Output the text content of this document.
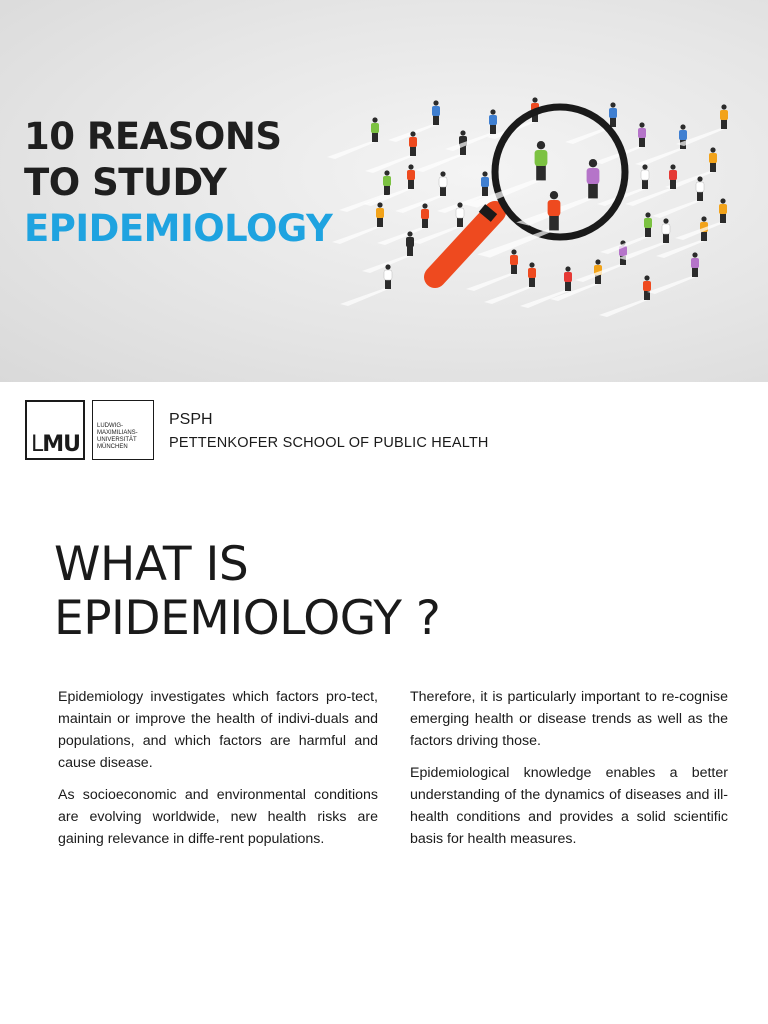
10 REASONS
TO STUDY
EPIDEMIOLOGY
LMU
LUDWIG-
MAXIMILIANS-
UNIVERSITÄT
MÜNCHEN
PSPH
PETTENKOFER SCHOOL OF PUBLIC HEALTH
WHAT IS
EPIDEMIOLOGY ?

Epidemiology investigates which factors pro-tect, maintain or improve the health of indivi-duals and populations, and which factors are harmful and cause disease.

As socioeconomic and environmental conditions are evolving worldwide, new health risks are gaining relevance in diffe-rent populations.

Therefore, it is particularly important to re-cognise emerging health or disease trends as well as the factors driving those.

Epidemiological knowledge enables a better understanding of the dynamics of diseases and ill-health conditions and provides a solid scientific basis for health measures.
